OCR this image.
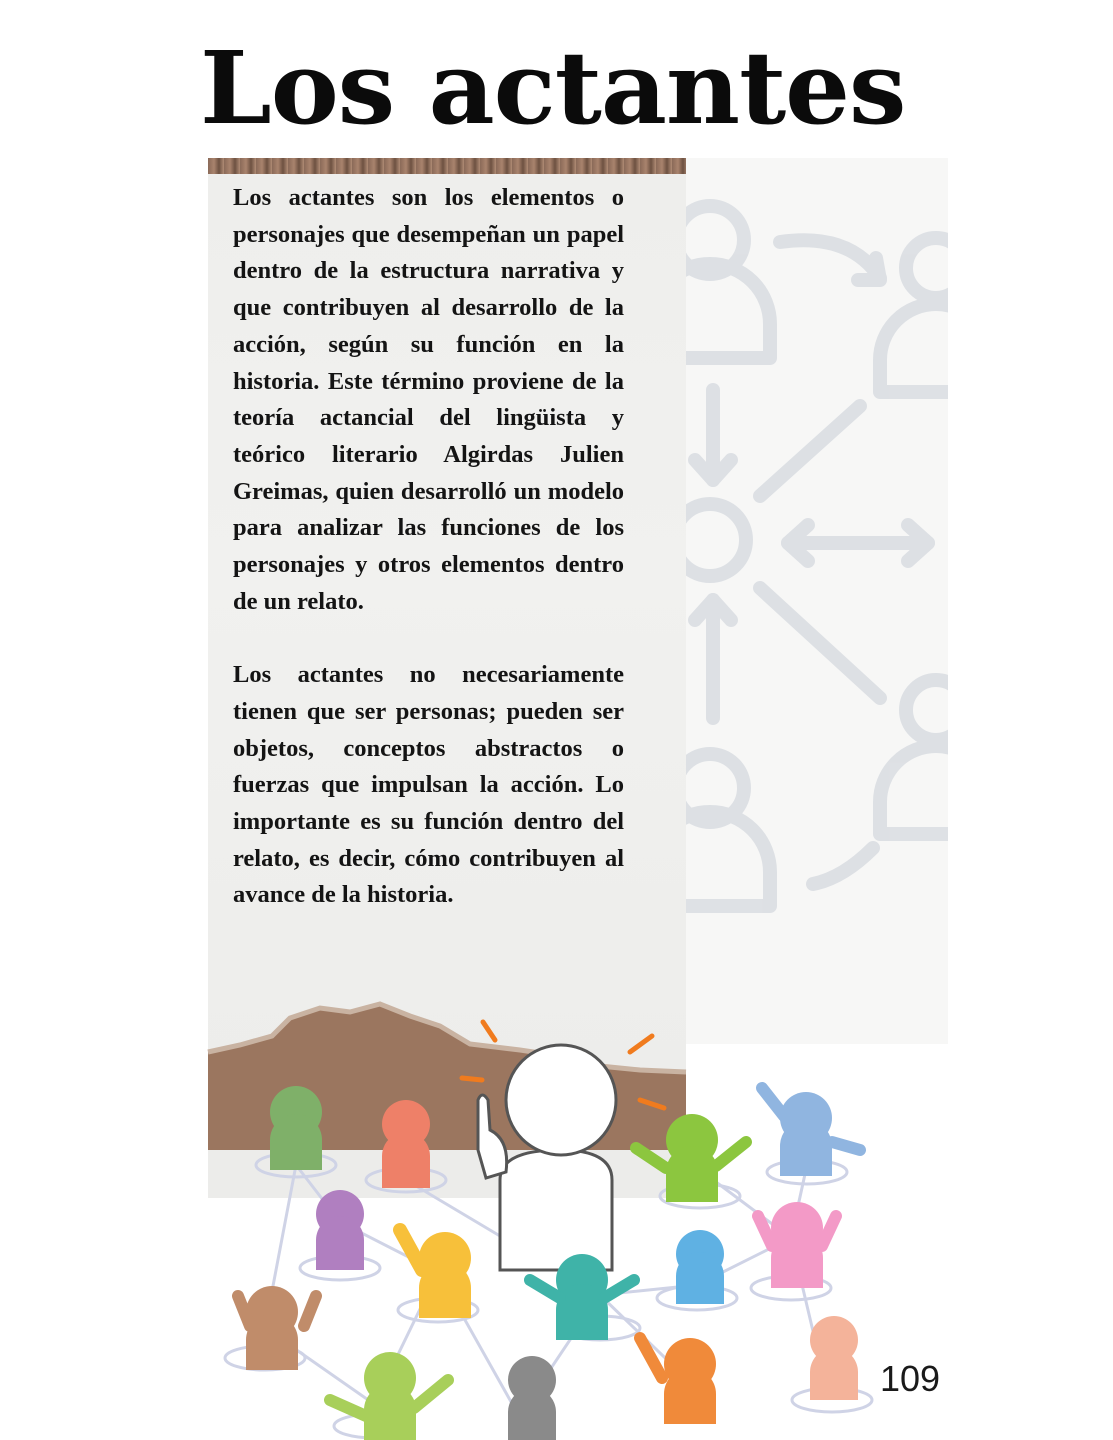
Los actantes

Los actantes son los elementos o personajes que desempeñan un papel dentro de la estructura narrativa y que contribuyen al desarrollo de la acción, según su función en la historia. Este término proviene de la teoría actancial del lingüista y teórico literario Algirdas Julien Greimas, quien desarrolló un modelo para analizar las funciones de los personajes y otros elementos dentro de un relato.

Los actantes no necesariamente tienen que ser personas; pueden ser objetos, conceptos abstractos o fuerzas que impulsan la acción. Lo importante es su función dentro del relato, es decir, cómo contribuyen al avance de la historia.

109
